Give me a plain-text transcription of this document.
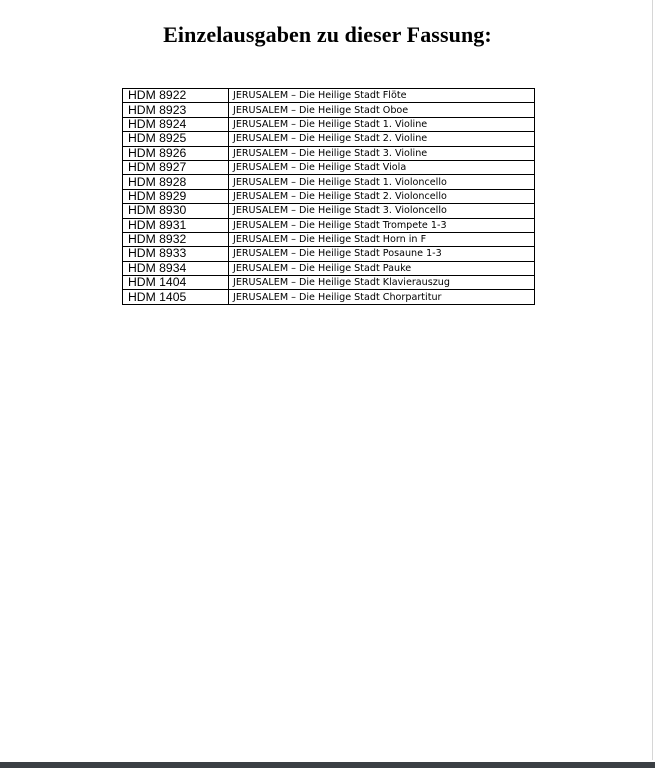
Einzelausgaben zu dieser Fassung:
HDM 8922	JERUSALEM – Die Heilige Stadt Flöte
HDM 8923	JERUSALEM – Die Heilige Stadt Oboe
HDM 8924	JERUSALEM – Die Heilige Stadt 1. Violine
HDM 8925	JERUSALEM – Die Heilige Stadt 2. Violine
HDM 8926	JERUSALEM – Die Heilige Stadt 3. Violine
HDM 8927	JERUSALEM – Die Heilige Stadt Viola
HDM 8928	JERUSALEM – Die Heilige Stadt 1. Violoncello
HDM 8929	JERUSALEM – Die Heilige Stadt 2. Violoncello
HDM 8930	JERUSALEM – Die Heilige Stadt 3. Violoncello
HDM 8931	JERUSALEM – Die Heilige Stadt Trompete 1-3
HDM 8932	JERUSALEM – Die Heilige Stadt Horn in F
HDM 8933	JERUSALEM – Die Heilige Stadt Posaune 1-3
HDM 8934	JERUSALEM – Die Heilige Stadt Pauke
HDM 1404	JERUSALEM – Die Heilige Stadt Klavierauszug
HDM 1405	JERUSALEM – Die Heilige Stadt Chorpartitur
